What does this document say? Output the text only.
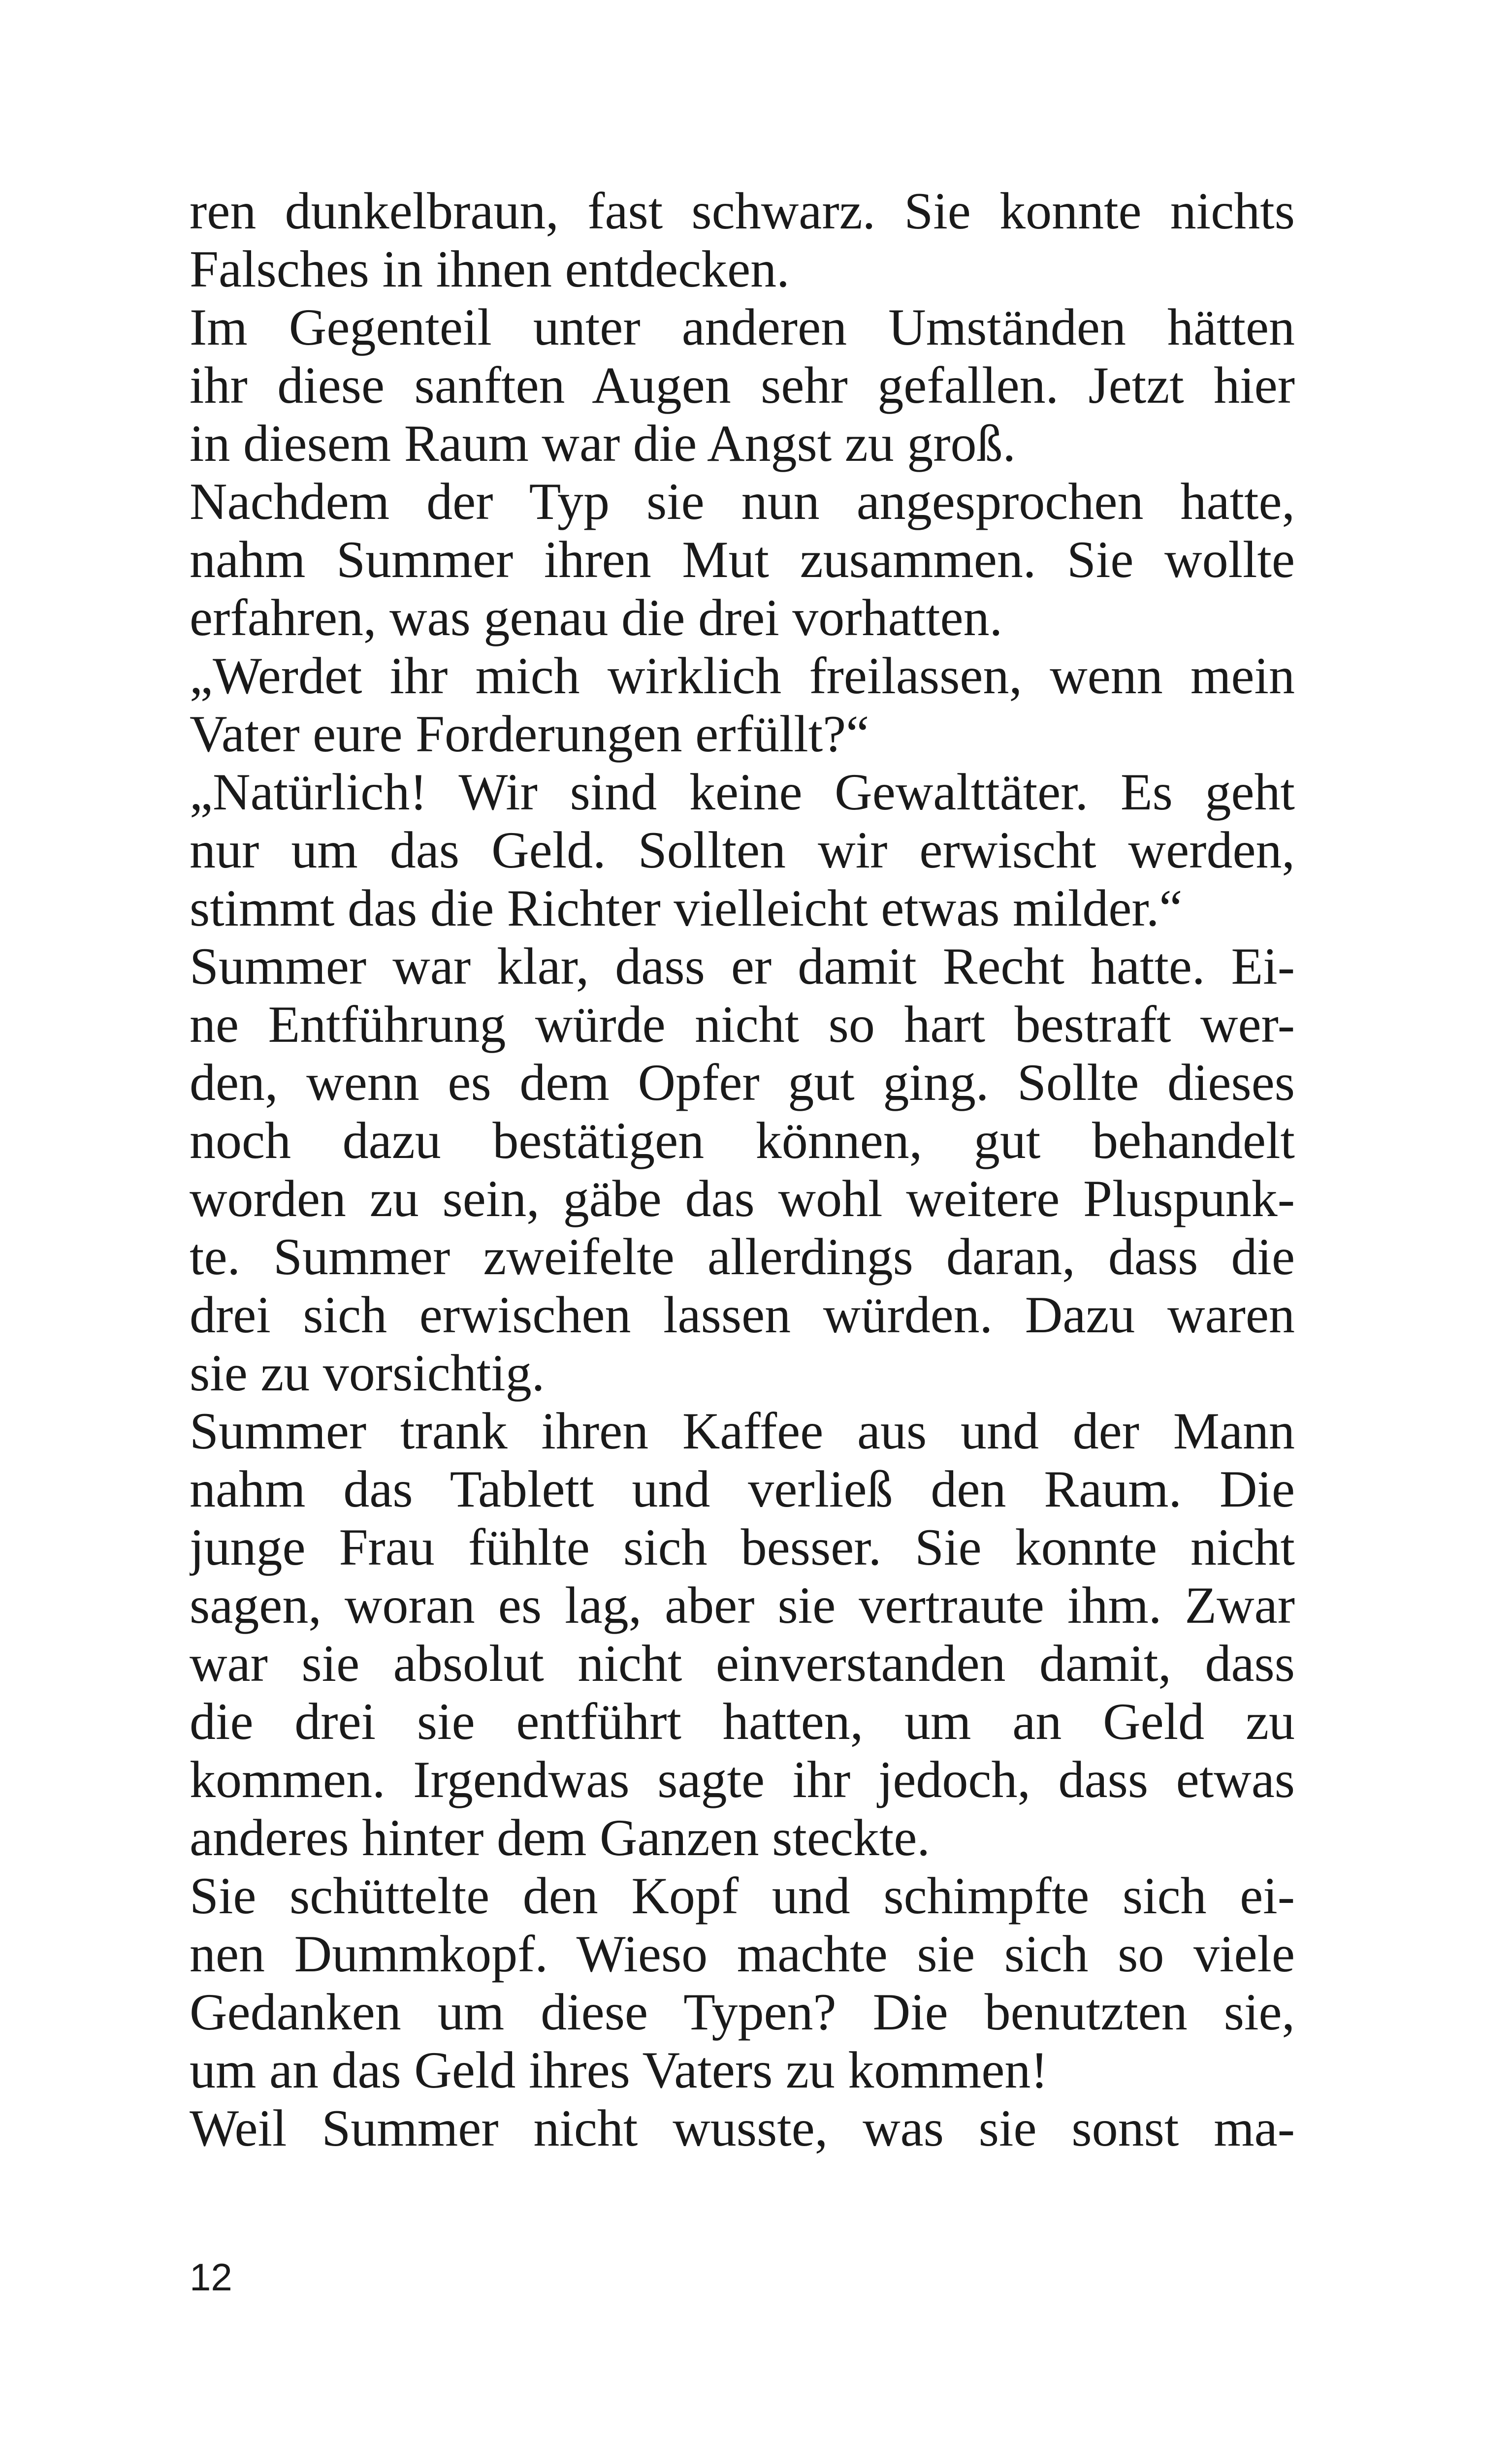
ren dunkelbraun, fast schwarz. Sie konnte nichts
Falsches in ihnen entdecken.
Im Gegenteil unter anderen Umständen hätten
ihr diese sanften Augen sehr gefallen. Jetzt hier
in diesem Raum war die Angst zu groß.
Nachdem der Typ sie nun angesprochen hatte,
nahm Summer ihren Mut zusammen. Sie wollte
erfahren, was genau die drei vorhatten.
„Werdet ihr mich wirklich freilassen, wenn mein
Vater eure Forderungen erfüllt?“
„Natürlich! Wir sind keine Gewalttäter. Es geht
nur um das Geld. Sollten wir erwischt werden,
stimmt das die Richter vielleicht etwas milder.“
Summer war klar, dass er damit Recht hatte. Ei-
ne Entführung würde nicht so hart bestraft wer-
den, wenn es dem Opfer gut ging. Sollte dieses
noch dazu bestätigen können, gut behandelt
worden zu sein, gäbe das wohl weitere Pluspunk-
te. Summer zweifelte allerdings daran, dass die
drei sich erwischen lassen würden. Dazu waren
sie zu vorsichtig.
Summer trank ihren Kaffee aus und der Mann
nahm das Tablett und verließ den Raum. Die
junge Frau fühlte sich besser. Sie konnte nicht
sagen, woran es lag, aber sie vertraute ihm. Zwar
war sie absolut nicht einverstanden damit, dass
die drei sie entführt hatten, um an Geld zu
kommen. Irgendwas sagte ihr jedoch, dass etwas
anderes hinter dem Ganzen steckte.
Sie schüttelte den Kopf und schimpfte sich ei-
nen Dummkopf. Wieso machte sie sich so viele
Gedanken um diese Typen? Die benutzten sie,
um an das Geld ihres Vaters zu kommen!
Weil Summer nicht wusste, was sie sonst ma-
12
